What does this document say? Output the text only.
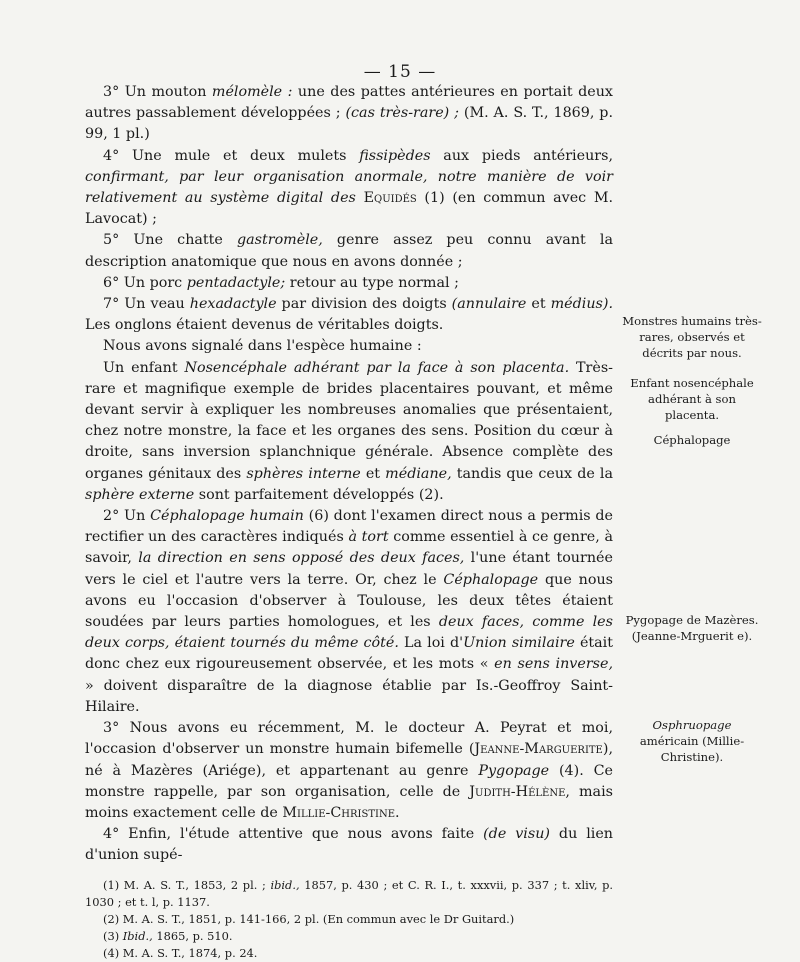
— 15 —

3° Un mouton mélomèle : une des pattes antérieures en portait deux autres passablement développées ; (cas très-rare) ; (M. A. S. T., 1869, p. 99, 1 pl.)

4° Une mule et deux mulets fissipèdes aux pieds antérieurs, confirmant, par leur organisation anormale, notre manière de voir relativement au système digital des Equidés (1) (en commun avec M. Lavocat) ;

5° Une chatte gastromèle, genre assez peu connu avant la description anatomique que nous en avons donnée ;

6° Un porc pentadactyle; retour au type normal ;

7° Un veau hexadactyle par division des doigts (annulaire et médius). Les onglons étaient devenus de véritables doigts.

Nous avons signalé dans l'espèce humaine :

Un enfant Nosencéphale adhérant par la face à son placenta. Très-rare et magnifique exemple de brides placentaires pouvant, et même devant servir à expliquer les nombreuses anomalies que présentaient, chez notre monstre, la face et les organes des sens. Position du cœur à droite, sans inversion splanchnique générale. Absence complète des organes génitaux des sphères interne et médiane, tandis que ceux de la sphère externe sont parfaitement développés (2).

2° Un Céphalopage humain (6) dont l'examen direct nous a permis de rectifier un des caractères indiqués à tort comme essentiel à ce genre, à savoir, la direction en sens opposé des deux faces, l'une étant tournée vers le ciel et l'autre vers la terre. Or, chez le Céphalopage que nous avons eu l'occasion d'observer à Toulouse, les deux têtes étaient soudées par leurs parties homologues, et les deux faces, comme les deux corps, étaient tournés du même côté. La loi d'Union similaire était donc chez eux rigoureusement observée, et les mots « en sens inverse, » doivent disparaître de la diagnose établie par Is.-Geoffroy Saint-Hilaire.

3° Nous avons eu récemment, M. le docteur A. Peyrat et moi, l'occasion d'observer un monstre humain bifemelle (Jeanne-Marguerite), né à Mazères (Ariége), et appartenant au genre Pygopage (4). Ce monstre rappelle, par son organisation, celle de Judith-Hélène, mais moins exactement celle de Millie-Christine.

4° Enfin, l'étude attentive que nous avons faite (de visu) du lien d'union supé-

(1) M. A. S. T., 1853, 2 pl. ; ibid., 1857, p. 430 ; et C. R. I., t. xxxvii, p. 337 ; t. xliv, p. 1030 ; et t. l, p. 1137.

(2) M. A. S. T., 1851, p. 141-166, 2 pl. (En commun avec le Dr Guitard.)

(3) Ibid., 1865, p. 510.

(4) M. A. S. T., 1874, p. 24.

Monstres humains très-rares, observés et décrits par nous.
Enfant nosencéphale adhérant à son placenta.
Céphalopage
Pygopage de Mazères. (Jeanne-Mrguerit e).
Osphruopage américain (Millie-Christine).
